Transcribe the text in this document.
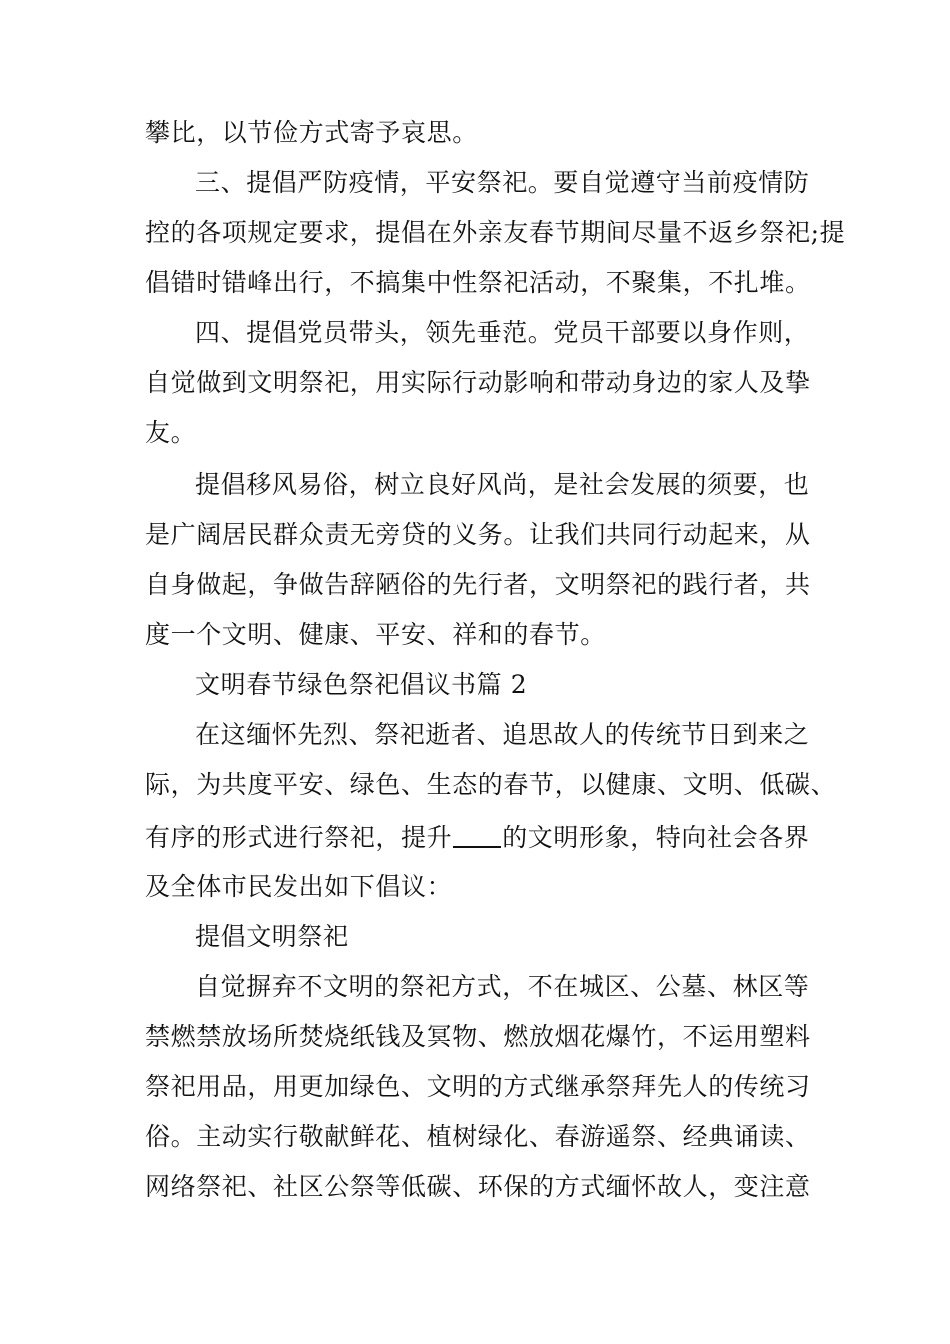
攀比，以节俭方式寄予哀思。
三、提倡严防疫情，平安祭祀。要自觉遵守当前疫情防
控的各项规定要求，提倡在外亲友春节期间尽量不返乡祭祀;提
倡错时错峰出行，不搞集中性祭祀活动，不聚集，不扎堆。
四、提倡党员带头，领先垂范。党员干部要以身作则，
自觉做到文明祭祀，用实际行动影响和带动身边的家人及挚
友。
提倡移风易俗，树立良好风尚，是社会发展的须要，也
是广阔居民群众责无旁贷的义务。让我们共同行动起来，从
自身做起，争做告辞陋俗的先行者，文明祭祀的践行者，共
度一个文明、健康、平安、祥和的春节。
文明春节绿色祭祀倡议书篇 2
在这缅怀先烈、祭祀逝者、追思故人的传统节日到来之
际，为共度平安、绿色、生态的春节，以健康、文明、低碳、
有序的形式进行祭祀，提升 的文明形象，特向社会各界
及全体市民发出如下倡议：
提倡文明祭祀
自觉摒弃不文明的祭祀方式，不在城区、公墓、林区等
禁燃禁放场所焚烧纸钱及冥物、燃放烟花爆竹，不运用塑料
祭祀用品，用更加绿色、文明的方式继承祭拜先人的传统习
俗。主动实行敬献鲜花、植树绿化、春游遥祭、经典诵读、
网络祭祀、社区公祭等低碳、环保的方式缅怀故人，变注意
